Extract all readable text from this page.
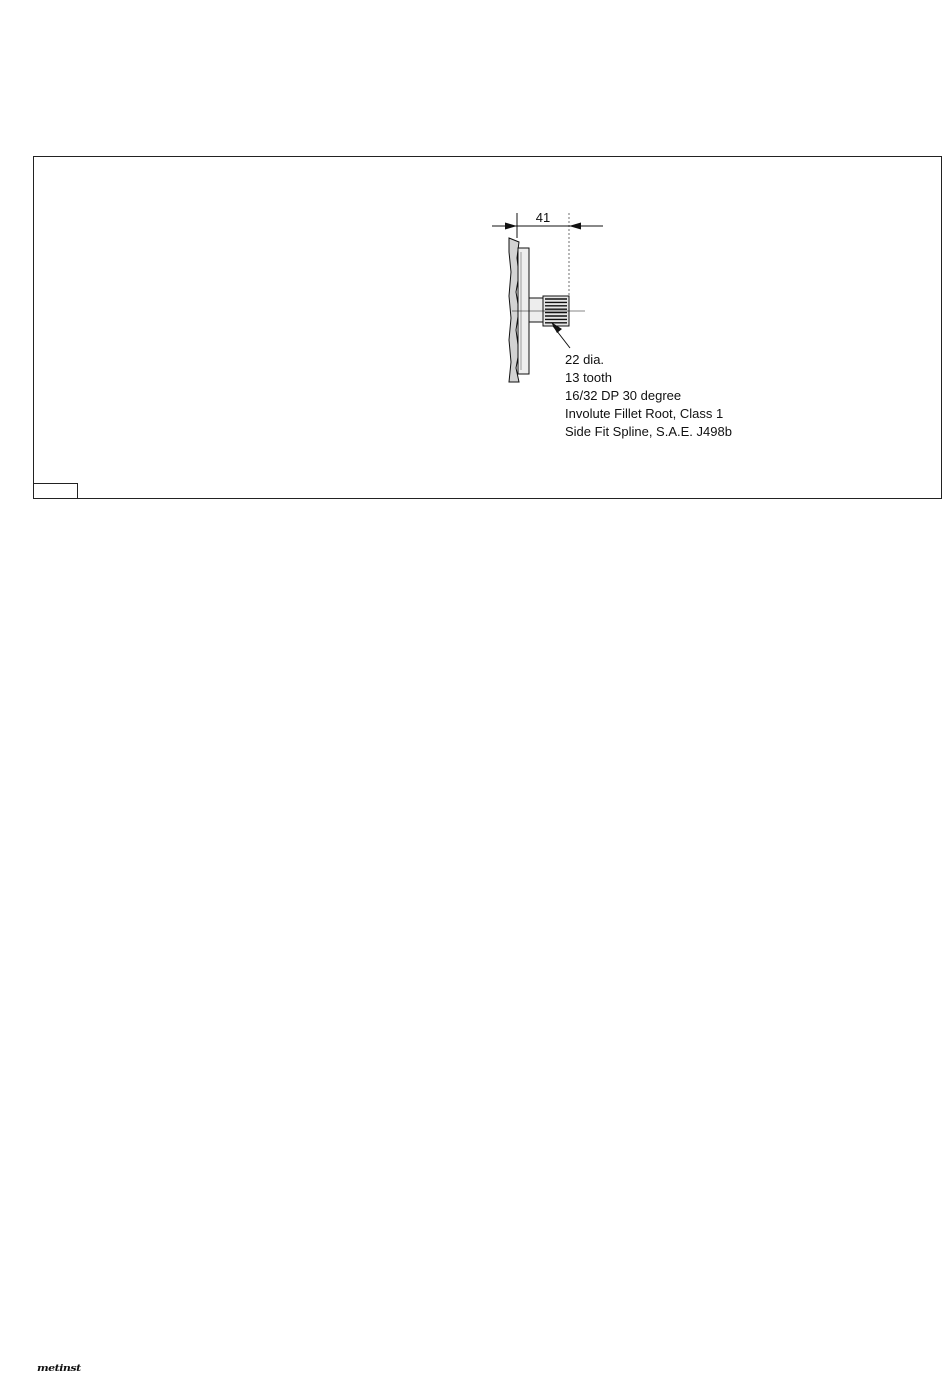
41
22 dia.
13 tooth
16/32 DP 30 degree
Involute Fillet Root, Class 1
Side Fit Spline, S.A.E. J498b
metinst
